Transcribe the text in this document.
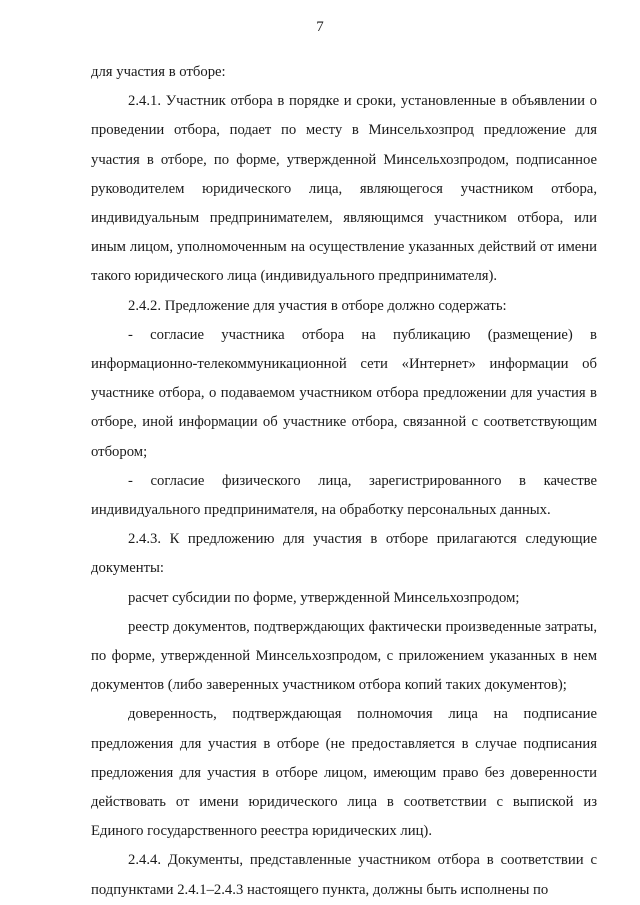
7

для участия в отборе:

2.4.1. Участник отбора в порядке и сроки, установленные в объявлении о проведении отбора, подает по месту в Минсельхозпрод предложение для участия в отборе, по форме, утвержденной Минсельхозпродом, подписанное руководителем юридического лица, являющегося участником отбора, индивидуальным предпринимателем, являющимся участником отбора, или иным лицом, уполномоченным на осуществление указанных действий от имени такого юридического лица (индивидуального предпринимателя).

2.4.2. Предложение для участия в отборе должно содержать:

- согласие участника отбора на публикацию (размещение) в информационно-телекоммуникационной сети «Интернет» информации об участнике отбора, о подаваемом участником отбора предложении для участия в отборе, иной информации об участнике отбора, связанной с соответствующим отбором;

- согласие физического лица, зарегистрированного в качестве индивидуального предпринимателя, на обработку персональных данных.

2.4.3. К предложению для участия в отборе прилагаются следующие документы:

расчет субсидии по форме, утвержденной Минсельхозпродом;

реестр документов, подтверждающих фактически произведенные затраты, по форме, утвержденной Минсельхозпродом, с приложением указанных в нем документов (либо заверенных участником отбора копий таких документов);

доверенность, подтверждающая полномочия лица на подписание предложения для участия в отборе (не предоставляется в случае подписания предложения для участия в отборе лицом, имеющим право без доверенности действовать от имени юридического лица в соответствии с выпиской из Единого государственного реестра юридических лиц).

2.4.4. Документы, представленные участником отбора в соответствии с подпунктами 2.4.1–2.4.3 настоящего пункта, должны быть исполнены по
